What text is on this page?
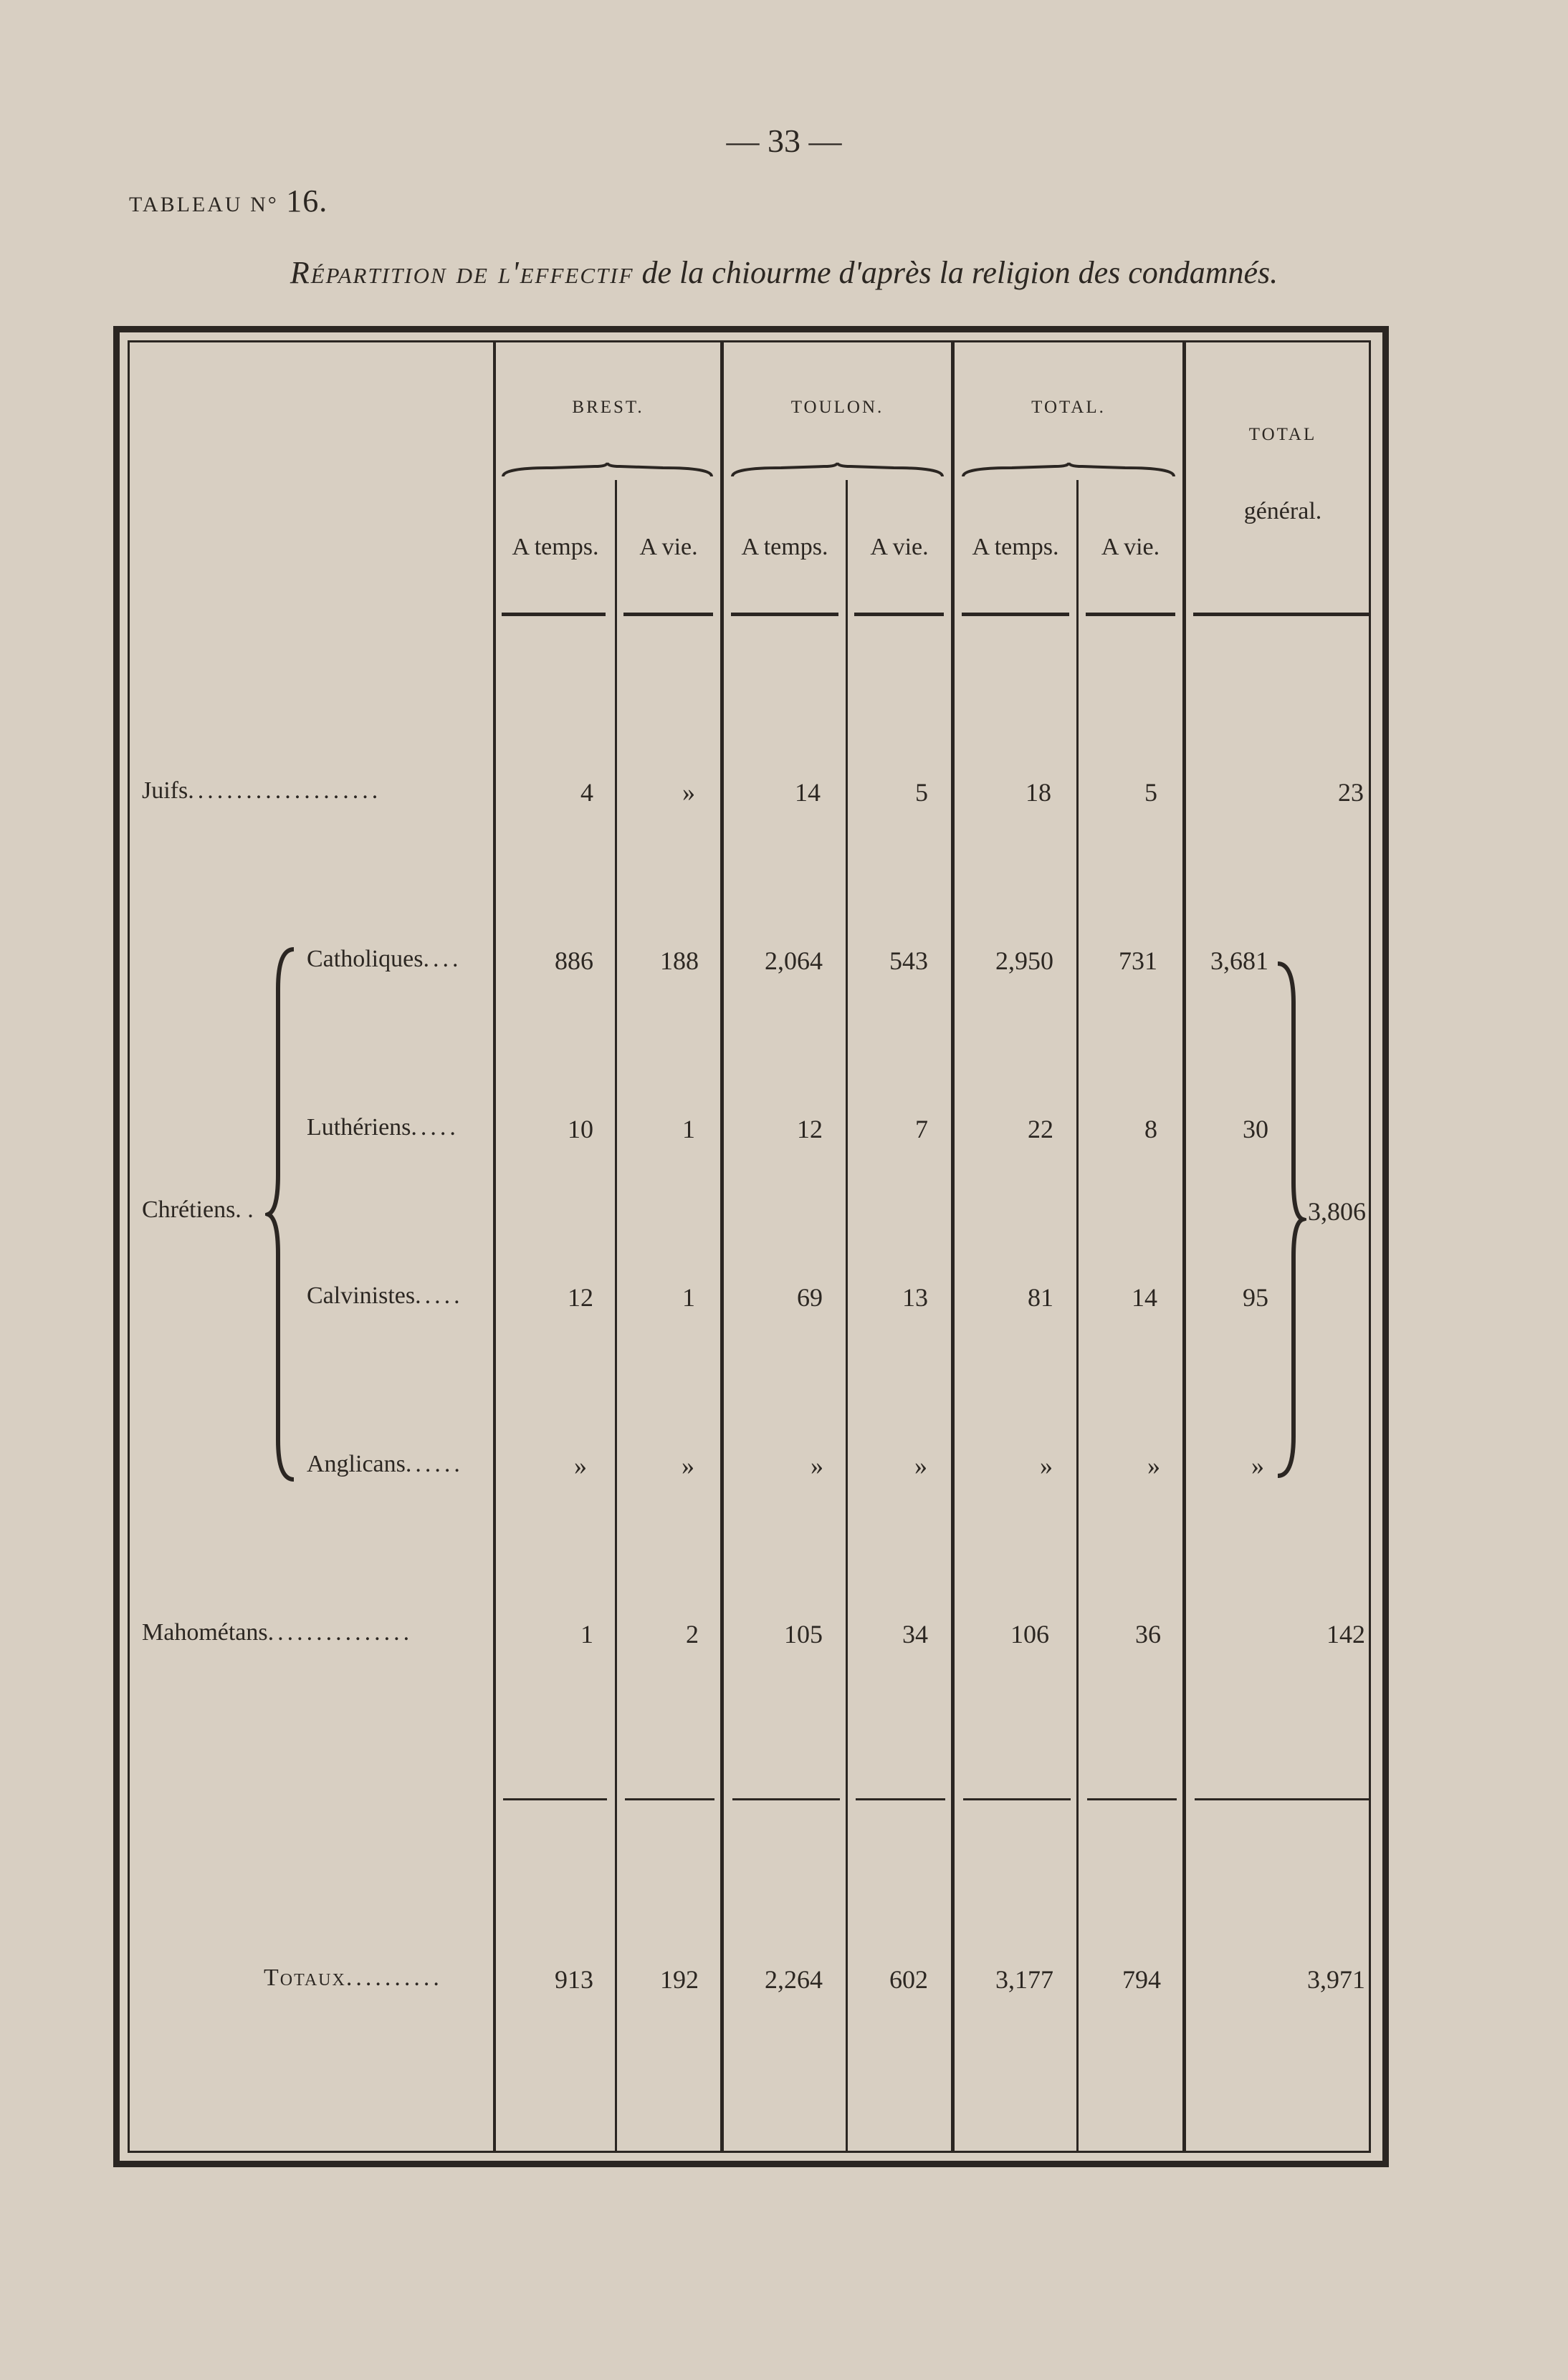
— 33 —
TABLEAU N° 16.
Répartition de l'effectif de la chiourme d'après la religion des condamnés.
BREST.	TOULON.	TOTAL.
TOTAL
général.
A temps.	A vie.	A temps.	A vie.	A temps.	A vie.
Juifs....................	4	»	14	5	18	5	23
Chrétiens. .
Catholiques....	886	188	2,064	543	2,950	731	3,681
Luthériens.....	10	1	12	7	22	8	30
Calvinistes.....	12	1	69	13	81	14	95
Anglicans......	»	»	»	»	»	»	»
3,806
Mahométans...............	1	2	105	34	106	36	142
Totaux..........	913	192	2,264	602	3,177	794	3,971
